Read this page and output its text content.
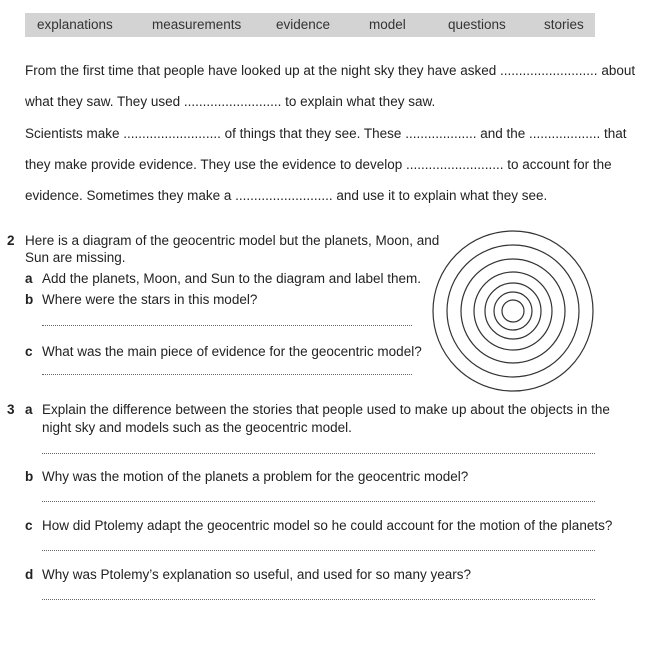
explanations	measurements	evidence	model	questions	stories
From the first time that people have looked up at the night sky they have asked .......................... about
what they saw. They used .......................... to explain what they saw.
Scientists make .......................... of things that they see. These ................... and the ................... that
they make provide evidence. They use the evidence to develop .......................... to account for the
evidence. Sometimes they make a .......................... and use it to explain what they see.
2 Here is a diagram of the geocentric model but the planets, Moon, and
Sun are missing.
a Add the planets, Moon, and Sun to the diagram and label them.
b Where were the stars in this model?
c What was the main piece of evidence for the geocentric model?
3 a Explain the difference between the stories that people used to make up about the objects in the
night sky and models such as the geocentric model.
b Why was the motion of the planets a problem for the geocentric model?
c How did Ptolemy adapt the geocentric model so he could account for the motion of the planets?
d Why was Ptolemy’s explanation so useful, and used for so many years?
